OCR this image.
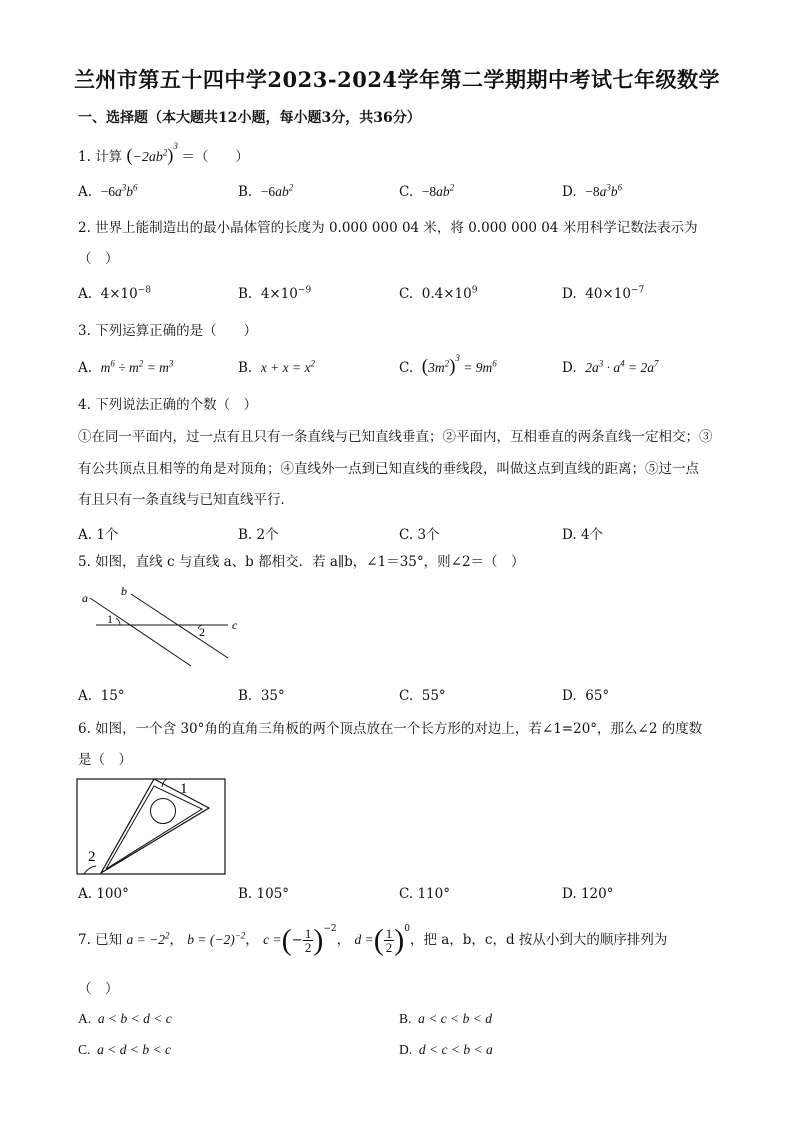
兰州市第五十四中学2023-2024学年第二学期期中考试七年级数学
一、选择题（本大题共12小题，每小题3分，共36分）
1. 计算 $(-2ab^2)^3$ ＝（　　）
A. $-6a^3b^6$	B. $-6ab^2$	C. $-8ab^2$	D. $-8a^3b^6$
2. 世界上能制造出的最小晶体管的长度为 0.000 000 04 米，将 0.000 000 04 米用科学记数法表示为
（　）
A. $4\times 10^{-8}$	B. $4\times 10^{-9}$	C. $0.4\times 10^9$	D. $40\times 10^{-7}$
3. 下列运算正确的是（　　）
A. $m^6 \div m^2 = m^3$	B. $x + x = x^2$	C. $(3m^2)^3 = 9m^6$	D. $2a^3 \cdot a^4 = 2a^7$
4. 下列说法正确的个数（　）
①在同一平面内，过一点有且只有一条直线与已知直线垂直；②平面内，互相垂直的两条直线一定相交；③
有公共顶点且相等的角是对顶角；④直线外一点到已知直线的垂线段，叫做这点到直线的距离；⑤过一点
有且只有一条直线与已知直线平行．
A. 1个	B. 2个	C. 3个	D. 4个
5. 如图，直线 c 与直线 a、b 都相交．若 a∥b，∠1＝35°，则∠2＝（　）
a	b
c
1
2
A. 15°	B. 35°	C. 55°	D. 65°
6. 如图，一个含 30°角的直角三角板的两个顶点放在一个长方形的对边上，若∠1=20°，那么∠2 的度数
是（　）
1
2
A. 100°	B. 105°	C. 110°	D. 120°
7. 已知 $a = -2^2$， $b = (-2)^{-2}$， c =(− $\frac{1}{2} )^{-2}$， d =( $\frac{1}{2} )^0$，把 a，b，c，d 按从小到大的顺序排列为
（　）
A. a < b < d < c	B. a < c < b < d
C. a < d < b < c	D. d < c < b < a
